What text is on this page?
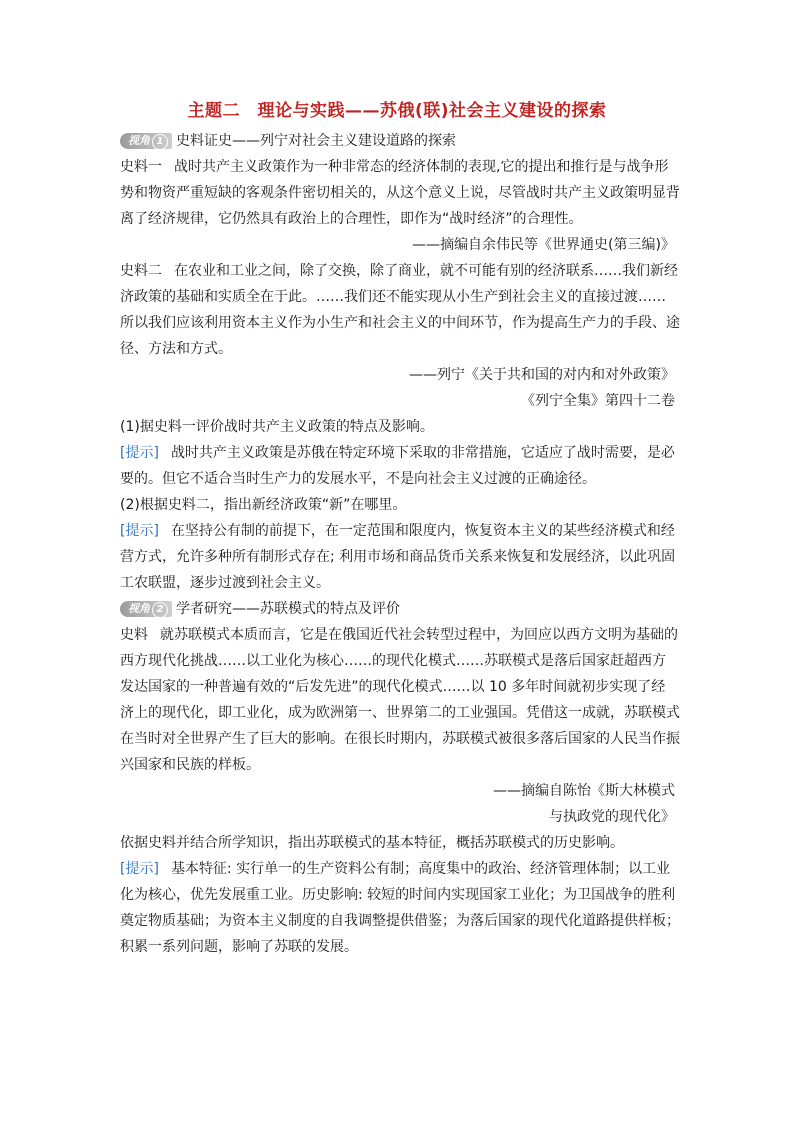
主题二　理论与实践——苏俄(联)社会主义建设的探索
视角 1 史料证史——列宁对社会主义建设道路的探索
史料一 战时共产主义政策作为一种非常态的经济体制的表现,它的提出和推行是与战争形
势和物资严重短缺的客观条件密切相关的，从这个意义上说，尽管战时共产主义政策明显背
离了经济规律，它仍然具有政治上的合理性，即作为“战时经济”的合理性。
——摘编自余伟民等《世界通史(第三编)》
史料二 在农业和工业之间，除了交换，除了商业，就不可能有别的经济联系……我们新经
济政策的基础和实质全在于此。……我们还不能实现从小生产到社会主义的直接过渡……
所以我们应该利用资本主义作为小生产和社会主义的中间环节，作为提高生产力的手段、途
径、方法和方式。
——列宁《关于共和国的对内和对外政策》
《列宁全集》第四十二卷
(1)据史料一评价战时共产主义政策的特点及影响。
[提示] 战时共产主义政策是苏俄在特定环境下采取的非常措施，它适应了战时需要，是必
要的。但它不适合当时生产力的发展水平，不是向社会主义过渡的正确途径。
(2)根据史料二，指出新经济政策“新”在哪里。
[提示] 在坚持公有制的前提下，在一定范围和限度内，恢复资本主义的某些经济模式和经
营方式，允许多种所有制形式存在; 利用市场和商品货币关系来恢复和发展经济，以此巩固
工农联盟，逐步过渡到社会主义。
视角 2 学者研究——苏联模式的特点及评价
史料 就苏联模式本质而言，它是在俄国近代社会转型过程中，为回应以西方文明为基础的
西方现代化挑战……以工业化为核心……的现代化模式……苏联模式是落后国家赶超西方
发达国家的一种普遍有效的“后发先进”的现代化模式……以 10 多年时间就初步实现了经
济上的现代化，即工业化，成为欧洲第一、世界第二的工业强国。凭借这一成就，苏联模式
在当时对全世界产生了巨大的影响。在很长时期内，苏联模式被很多落后国家的人民当作振
兴国家和民族的样板。
——摘编自陈怡《斯大林模式
与执政党的现代化》
依据史料并结合所学知识，指出苏联模式的基本特征，概括苏联模式的历史影响。
[提示] 基本特征: 实行单一的生产资料公有制；高度集中的政治、经济管理体制；以工业
化为核心，优先发展重工业。历史影响: 较短的时间内实现国家工业化；为卫国战争的胜利
奠定物质基础；为资本主义制度的自我调整提供借鉴；为落后国家的现代化道路提供样板；
积累一系列问题，影响了苏联的发展。
